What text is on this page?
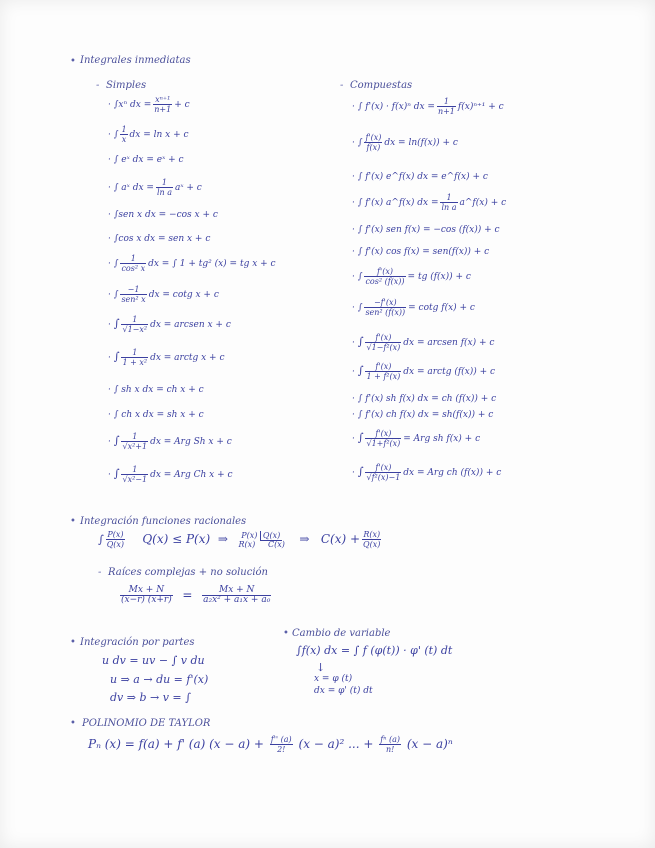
• Integrales inmediatas
- Simples	- Compuestas
· ∫xⁿ dx = $\frac{\text{xⁿ⁺¹}}{n+1} + c$
· ∫ $\frac{1}{x}$ dx = ln x + c
· ∫ eˣ dx = eˣ + c
· ∫ aˣ dx = $\frac{1}{\text{ln a}}$ aˣ + c
· ∫sen x dx = −cos x + c
· ∫cos x dx = sen x + c
· ∫ $\frac{1}{\text{cos² x}}$ dx = ∫ 1 + tg² (x) = tg x + c
· ∫
−1
sen² x dx = cotg x + c
· ∫ $\frac{1}{\text{√1−x²}}$ dx = arcsen x + c
· ∫ $\frac{1}{\text{1 + x²}}$ dx = arctg x + c
· ∫ sh x dx = ch x + c
· ∫ ch x dx = sh x + c
· ∫ $\frac{1}{\text{√x²+1}}$ dx = Arg Sh x + c
· ∫ $\frac{1}{\text{√x²−1}}$ dx = Arg Ch x + c
· ∫ f'(x) · f(x)ⁿ dx = $\frac{1}{n+1} f(x)^{n+1} + c$
· ∫ $\frac{f'(x)}{f(x)}$ dx = ln(f(x)) + c
· ∫ f'(x) e^f(x) dx = e^f(x) + c
· ∫ f'(x) a^f(x) dx = $\frac{1}{\text{ln a}}$ a^f(x) + c
· ∫ f'(x) sen f(x) = −cos (f(x)) + c
· ∫ f'(x) cos f(x) = sen(f(x)) + c
· ∫ $\frac{f'(x)}{\text{cos² (f(x))}}$ = tg (f(x)) + c
· ∫
−f'(x)
sen² (f(x)) = cotg f(x) + c
· ∫ $\frac{f'(x)}{\text{√1−f²(x)}}$ dx = arcsen f(x) + c
· ∫ $\frac{f'(x)}{\text{1 + f²(x)}}$ dx = arctg (f(x)) + c
· ∫ f'(x) sh f(x) dx = ch (f(x)) + c
· ∫ f'(x) ch f(x) dx = sh(f(x)) + c
· ∫ $\frac{f'(x)}{\text{√1+f²(x)}}$ = Arg sh f(x) + c
· ∫ $\frac{f'(x)}{\text{√f²(x)−1}}$ dx = Arg ch (f(x)) + c
• Integración funciones racionales
∫ $\frac{P(x)}{Q(x)} Q(x) \le P(x)$ ⇒	P(x) Q(x)
R(x) C(x) ⇒ $C(x) + \frac{R(x)}{Q(x)}$
- Raíces complejas + no solución
$\frac{Mx + N}{(x-r) (x+r̄)} = \frac{Mx + N}{\text{a₂x² + a₁x + a₀}}$
• Integración por partes
u dv = uv − ∫ v du
u ⇒ a → du = f'(x)
dv ⇒ b → v = ∫
• Cambio de variable
∫f(x) dx = ∫ f (φ(t)) · φ' (t) dt
↓
x = φ (t)
dx = φ' (t) dt
• POLINOMIO DE TAYLOR
Pₙ (x) = f(a) + f' (a) $(x - a) + \frac{f'' (a)}{2!} (x - a)^2$ ... + $\frac{\text{fⁿ (a)}}{n!} (x - a)^n$
